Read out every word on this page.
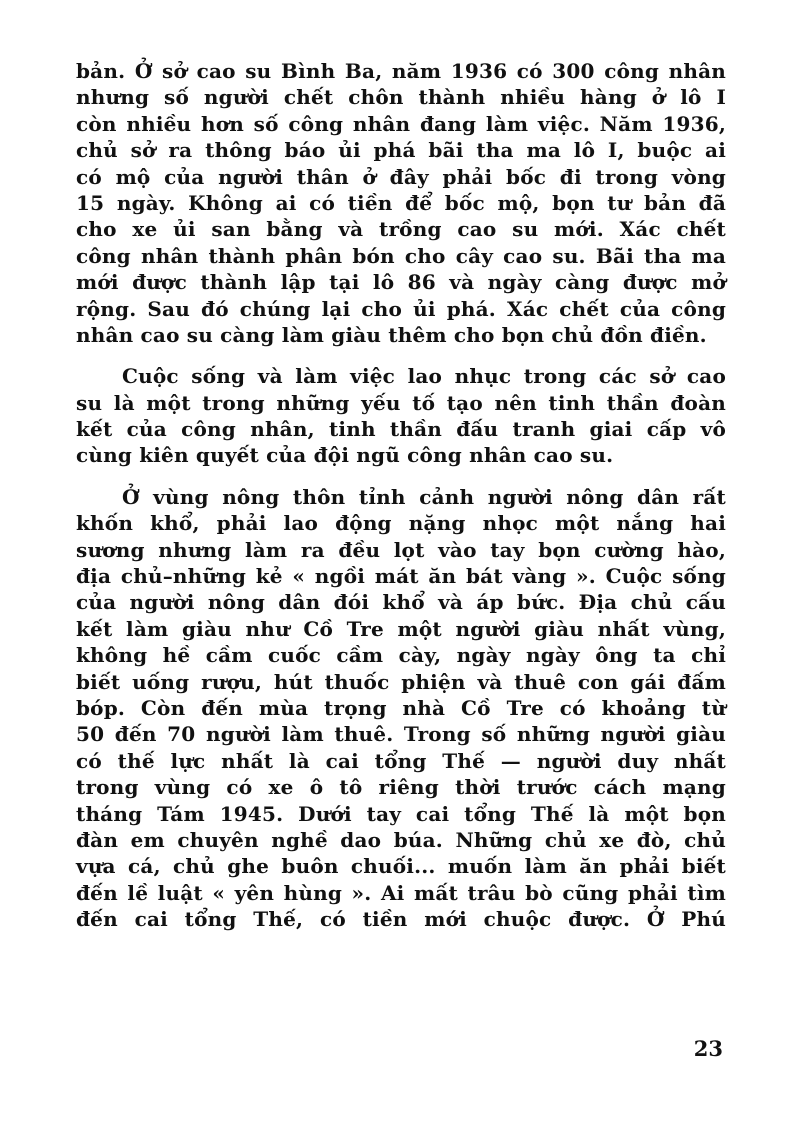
bản. Ở sở cao su Bình Ba, năm 1936 có 300 công nhân
nhưng số người chết chôn thành nhiều hàng ở lô I
còn nhiều hơn số công nhân đang làm việc. Năm 1936,
chủ sở ra thông báo ủi phá bãi tha ma lô I, buộc ai
có mộ của người thân ở đây phải bốc đi trong vòng
15 ngày. Không ai có tiền để bốc mộ, bọn tư bản đã
cho xe ủi san bằng và trồng cao su mới. Xác chết
công nhân thành phân bón cho cây cao su. Bãi tha ma
mới được thành lập tại lô 86 và ngày càng được mở
rộng. Sau đó chúng lại cho ủi phá. Xác chết của công
nhân cao su càng làm giàu thêm cho bọn chủ đồn điền.
Cuộc sống và làm việc lao nhục trong các sở cao
su là một trong những yếu tố tạo nên tinh thần đoàn
kết của công nhân, tinh thần đấu tranh giai cấp vô
cùng kiên quyết của đội ngũ công nhân cao su.
Ở vùng nông thôn tỉnh cảnh người nông dân rất
khốn khổ, phải lao động nặng nhọc một nắng hai
sương nhưng làm ra đều lọt vào tay bọn cường hào,
địa chủ–những kẻ « ngồi mát ăn bát vàng ». Cuộc sống
của người nông dân đói khổ và áp bức. Địa chủ cấu
kết làm giàu như Cồ Tre một người giàu nhất vùng,
không hề cầm cuốc cầm cày, ngày ngày ông ta chỉ
biết uống rượu, hút thuốc phiện và thuê con gái đấm
bóp. Còn đến mùa trọng nhà Cồ Tre có khoảng từ
50 đến 70 người làm thuê. Trong số những người giàu
có thế lực nhất là cai tổng Thế — người duy nhất
trong vùng có xe ô tô riêng thời trước cách mạng
tháng Tám 1945. Dưới tay cai tổng Thế là một bọn
đàn em chuyên nghề dao búa. Những chủ xe đò, chủ
vựa cá, chủ ghe buôn chuối... muốn làm ăn phải biết
đến lề luật « yên hùng ». Ai mất trâu bò cũng phải tìm
đến cai tổng Thế, có tiền mới chuộc được. Ở Phú
23
